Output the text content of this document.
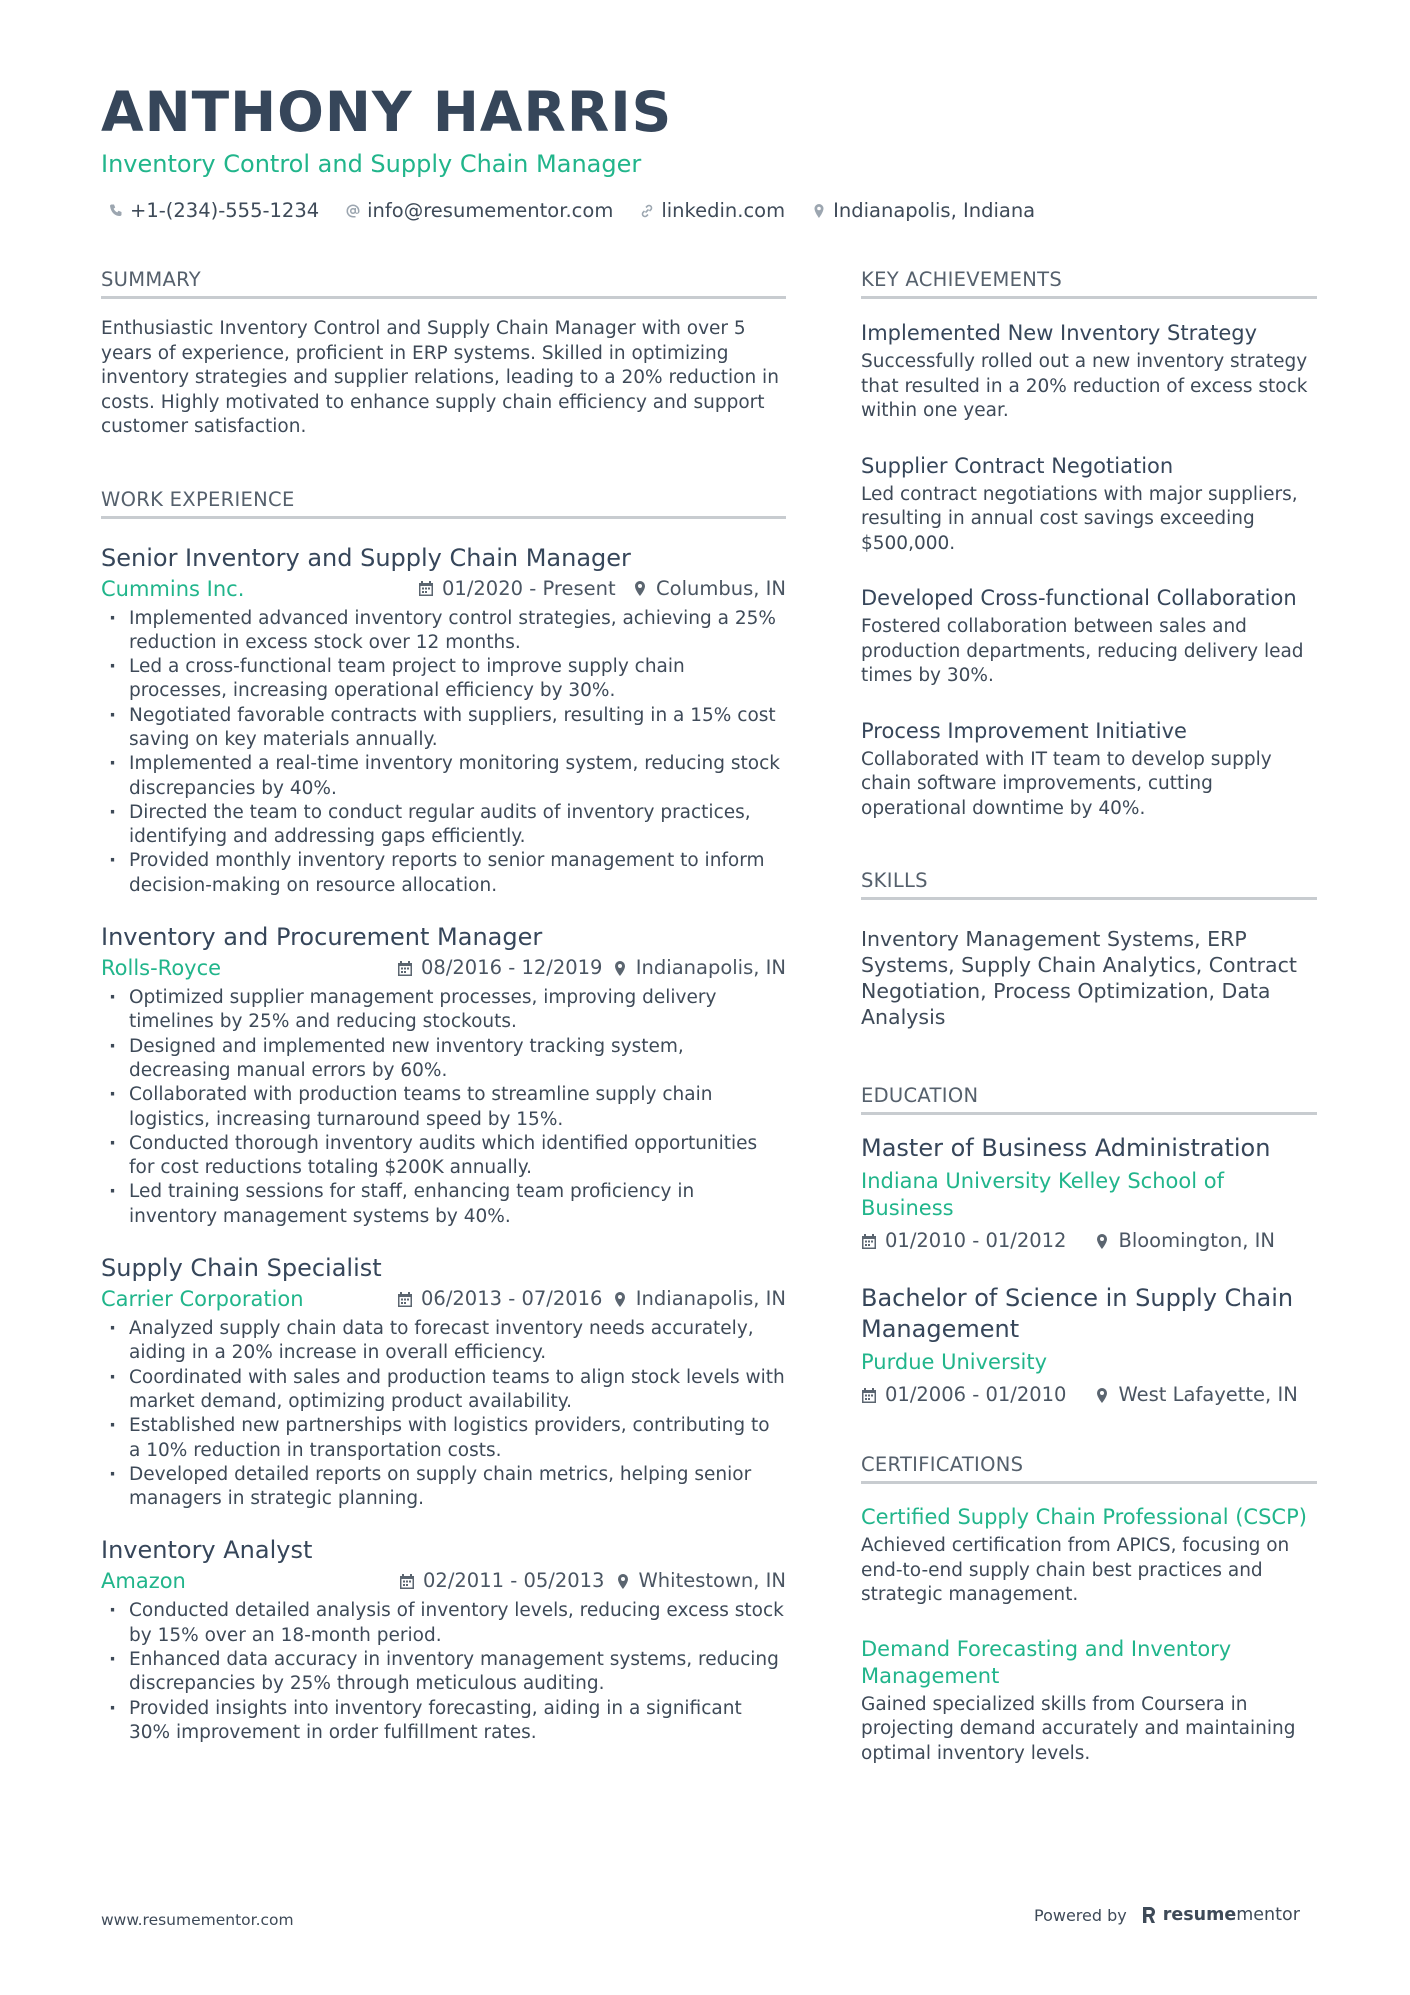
ANTHONY HARRIS
Inventory Control and Supply Chain Manager
+1-(234)-555-1234 info@resumementor.com linkedin.com Indianapolis, Indiana
SUMMARY
Enthusiastic Inventory Control and Supply Chain Manager with over 5 years of experience, proficient in ERP systems. Skilled in optimizing inventory strategies and supplier relations, leading to a 20% reduction in costs. Highly motivated to enhance supply chain efficiency and support customer satisfaction.
WORK EXPERIENCE
Senior Inventory and Supply Chain Manager
Cummins Inc.	01/2020 - Present Columbus, IN
· Implemented advanced inventory control strategies, achieving a 25% reduction in excess stock over 12 months.
· Led a cross-functional team project to improve supply chain processes, increasing operational efficiency by 30%.
· Negotiated favorable contracts with suppliers, resulting in a 15% cost saving on key materials annually.
· Implemented a real-time inventory monitoring system, reducing stock discrepancies by 40%.
· Directed the team to conduct regular audits of inventory practices, identifying and addressing gaps efficiently.
· Provided monthly inventory reports to senior management to inform decision-making on resource allocation.
Inventory and Procurement Manager
Rolls-Royce	08/2016 - 12/2019 Indianapolis, IN
· Optimized supplier management processes, improving delivery timelines by 25% and reducing stockouts.
· Designed and implemented new inventory tracking system, decreasing manual errors by 60%.
· Collaborated with production teams to streamline supply chain logistics, increasing turnaround speed by 15%.
· Conducted thorough inventory audits which identified opportunities for cost reductions totaling $200K annually.
· Led training sessions for staff, enhancing team proficiency in inventory management systems by 40%.
Supply Chain Specialist
Carrier Corporation	06/2013 - 07/2016 Indianapolis, IN
· Analyzed supply chain data to forecast inventory needs accurately, aiding in a 20% increase in overall efficiency.
· Coordinated with sales and production teams to align stock levels with market demand, optimizing product availability.
· Established new partnerships with logistics providers, contributing to a 10% reduction in transportation costs.
· Developed detailed reports on supply chain metrics, helping senior managers in strategic planning.
Inventory Analyst
Amazon	02/2011 - 05/2013 Whitestown, IN
· Conducted detailed analysis of inventory levels, reducing excess stock by 15% over an 18-month period.
· Enhanced data accuracy in inventory management systems, reducing discrepancies by 25% through meticulous auditing.
· Provided insights into inventory forecasting, aiding in a significant 30% improvement in order fulfillment rates.
KEY ACHIEVEMENTS
Implemented New Inventory Strategy
Successfully rolled out a new inventory strategy that resulted in a 20% reduction of excess stock within one year.
Supplier Contract Negotiation
Led contract negotiations with major suppliers, resulting in annual cost savings exceeding $500,000.
Developed Cross-functional Collaboration
Fostered collaboration between sales and production departments, reducing delivery lead times by 30%.
Process Improvement Initiative
Collaborated with IT team to develop supply chain software improvements, cutting operational downtime by 40%.
SKILLS
Inventory Management Systems, ERP Systems, Supply Chain Analytics, Contract Negotiation, Process Optimization, Data Analysis
EDUCATION
Master of Business Administration
Indiana University Kelley School of Business
01/2010 - 01/2012	Bloomington, IN
Bachelor of Science in Supply Chain Management
Purdue University
01/2006 - 01/2010	West Lafayette, IN
CERTIFICATIONS
Certified Supply Chain Professional (CSCP)
Achieved certification from APICS, focusing on end-to-end supply chain best practices and strategic management.
Demand Forecasting and Inventory Management
Gained specialized skills from Coursera in projecting demand accurately and maintaining optimal inventory levels.
www.resumementor.com	Powered by resumementor
